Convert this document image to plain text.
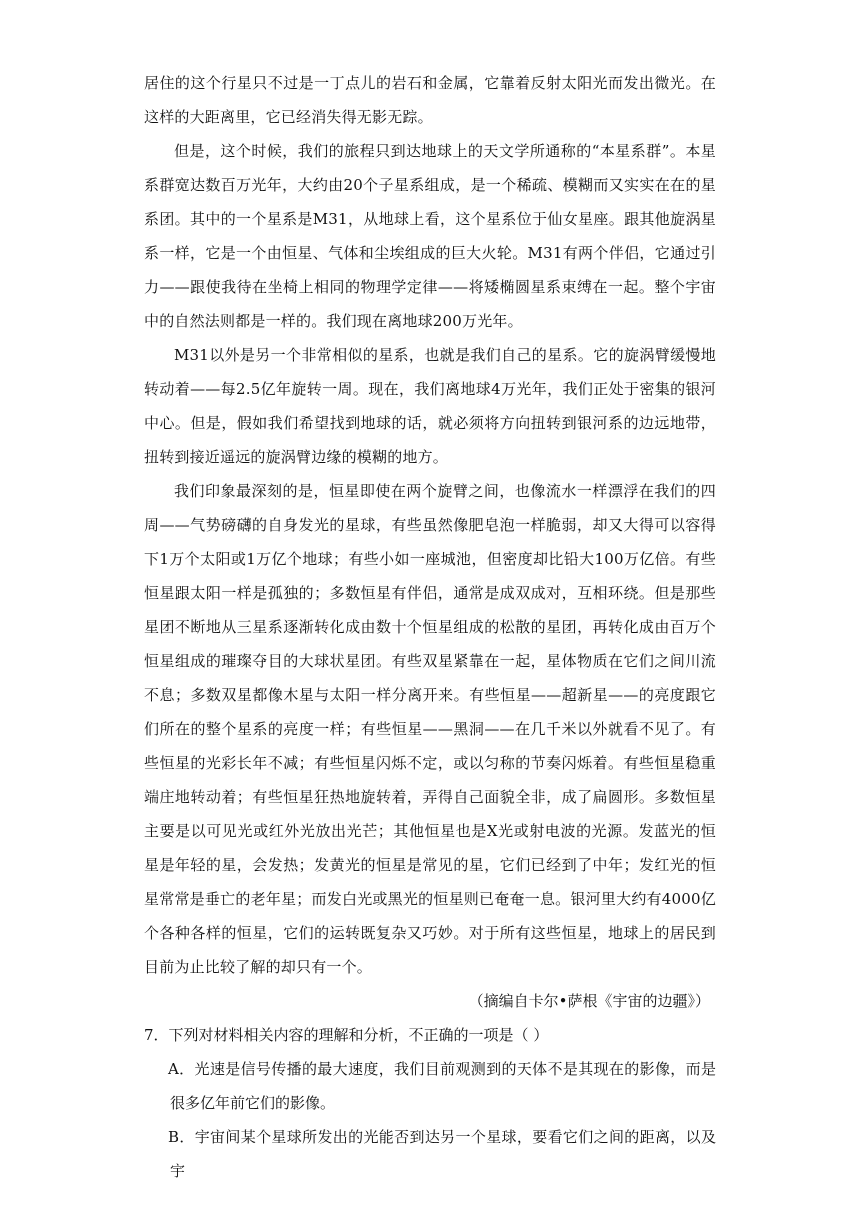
居住的这个行星只不过是一丁点儿的岩石和金属，它靠着反射太阳光而发出微光。在这样的大距离里，它已经消失得无影无踪。

但是，这个时候，我们的旅程只到达地球上的天文学所通称的“本星系群”。本星系群宽达数百万光年，大约由20个子星系组成，是一个稀疏、模糊而又实实在在的星系团。其中的一个星系是M31，从地球上看，这个星系位于仙女星座。跟其他旋涡星系一样，它是一个由恒星、气体和尘埃组成的巨大火轮。M31有两个伴侣，它通过引力——跟使我待在坐椅上相同的物理学定律——将矮椭圆星系束缚在一起。整个宇宙中的自然法则都是一样的。我们现在离地球200万光年。

M31以外是另一个非常相似的星系，也就是我们自己的星系。它的旋涡臂缓慢地转动着——每2.5亿年旋转一周。现在，我们离地球4万光年，我们正处于密集的银河中心。但是，假如我们希望找到地球的话，就必须将方向扭转到银河系的边远地带，扭转到接近遥远的旋涡臂边缘的模糊的地方。

我们印象最深刻的是，恒星即使在两个旋臂之间，也像流水一样漂浮在我们的四周——气势磅礴的自身发光的星球，有些虽然像肥皂泡一样脆弱，却又大得可以容得下1万个太阳或1万亿个地球；有些小如一座城池，但密度却比铅大100万亿倍。有些恒星跟太阳一样是孤独的；多数恒星有伴侣，通常是成双成对，互相环绕。但是那些星团不断地从三星系逐渐转化成由数十个恒星组成的松散的星团，再转化成由百万个恒星组成的璀璨夺目的大球状星团。有些双星紧靠在一起，星体物质在它们之间川流不息；多数双星都像木星与太阳一样分离开来。有些恒星——超新星——的亮度跟它们所在的整个星系的亮度一样；有些恒星——黑洞——在几千米以外就看不见了。有些恒星的光彩长年不减；有些恒星闪烁不定，或以匀称的节奏闪烁着。有些恒星稳重端庄地转动着；有些恒星狂热地旋转着，弄得自己面貌全非，成了扁圆形。多数恒星主要是以可见光或红外光放出光芒；其他恒星也是X光或射电波的光源。发蓝光的恒星是年轻的星，会发热；发黄光的恒星是常见的星，它们已经到了中年；发红光的恒星常常是垂亡的老年星；而发白光或黑光的恒星则已奄奄一息。银河里大约有4000亿个各种各样的恒星，它们的运转既复杂又巧妙。对于所有这些恒星，地球上的居民到目前为止比较了解的却只有一个。

（摘编自卡尔•萨根《宇宙的边疆》）

7．下列对材料相关内容的理解和分析，不正确的一项是（ ）

A．光速是信号传播的最大速度，我们目前观测到的天体不是其现在的影像，而是很多亿年前它们的影像。

B．宇宙间某个星球所发出的光能否到达另一个星球，要看它们之间的距离，以及宇
